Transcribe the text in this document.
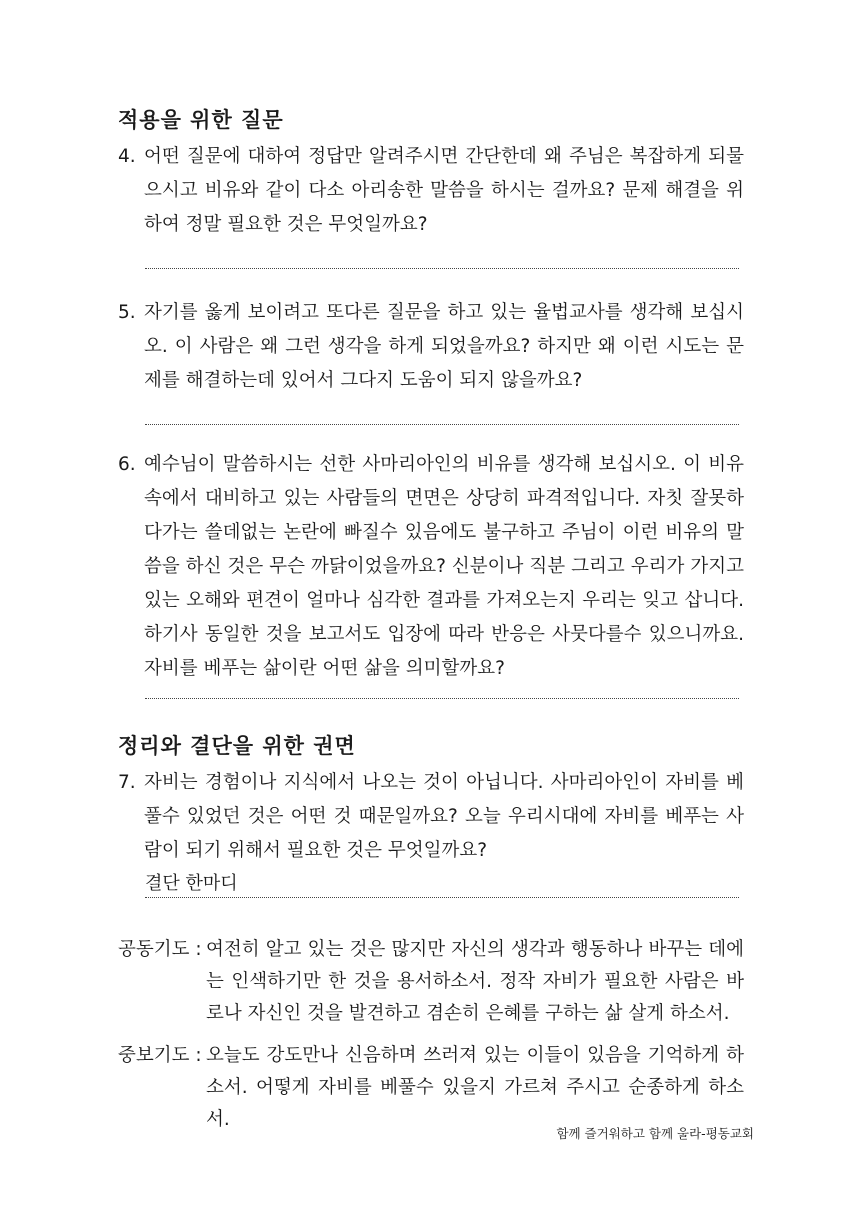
적용을 위한 질문
4. 어떤 질문에 대하여 정답만 알려주시면 간단한데 왜 주님은 복잡하게 되물으시고 비유와 같이 다소 아리송한 말씀을 하시는 걸까요? 문제 해결을 위하여 정말 필요한 것은 무엇일까요?
5. 자기를 옳게 보이려고 또다른 질문을 하고 있는 율법교사를 생각해 보십시오. 이 사람은 왜 그런 생각을 하게 되었을까요? 하지만 왜 이런 시도는 문제를 해결하는데 있어서 그다지 도움이 되지 않을까요?
6. 예수님이 말씀하시는 선한 사마리아인의 비유를 생각해 보십시오. 이 비유속에서 대비하고 있는 사람들의 면면은 상당히 파격적입니다. 자칫 잘못하다가는 쓸데없는 논란에 빠질수 있음에도 불구하고 주님이 이런 비유의 말씀을 하신 것은 무슨 까닭이었을까요? 신분이나 직분 그리고 우리가 가지고 있는 오해와 편견이 얼마나 심각한 결과를 가져오는지 우리는 잊고 삽니다. 하기사 동일한 것을 보고서도 입장에 따라 반응은 사뭇다를수 있으니까요. 자비를 베푸는 삶이란 어떤 삶을 의미할까요?
정리와 결단을 위한 권면
7. 자비는 경험이나 지식에서 나오는 것이 아닙니다. 사마리아인이 자비를 베풀수 있었던 것은 어떤 것 때문일까요? 오늘 우리시대에 자비를 베푸는 사람이 되기 위해서 필요한 것은 무엇일까요?

결단 한마디

공동기도 : 여전히 알고 있는 것은 많지만 자신의 생각과 행동하나 바꾸는 데에는 인색하기만 한 것을 용서하소서. 정작 자비가 필요한 사람은 바로나 자신인 것을 발견하고 겸손히 은혜를 구하는 삶 살게 하소서.
중보기도 : 오늘도 강도만나 신음하며 쓰러져 있는 이들이 있음을 기억하게 하소서. 어떻게 자비를 베풀수 있을지 가르쳐 주시고 순종하게 하소서.

함께 즐거워하고 함께 울라-평동교회
